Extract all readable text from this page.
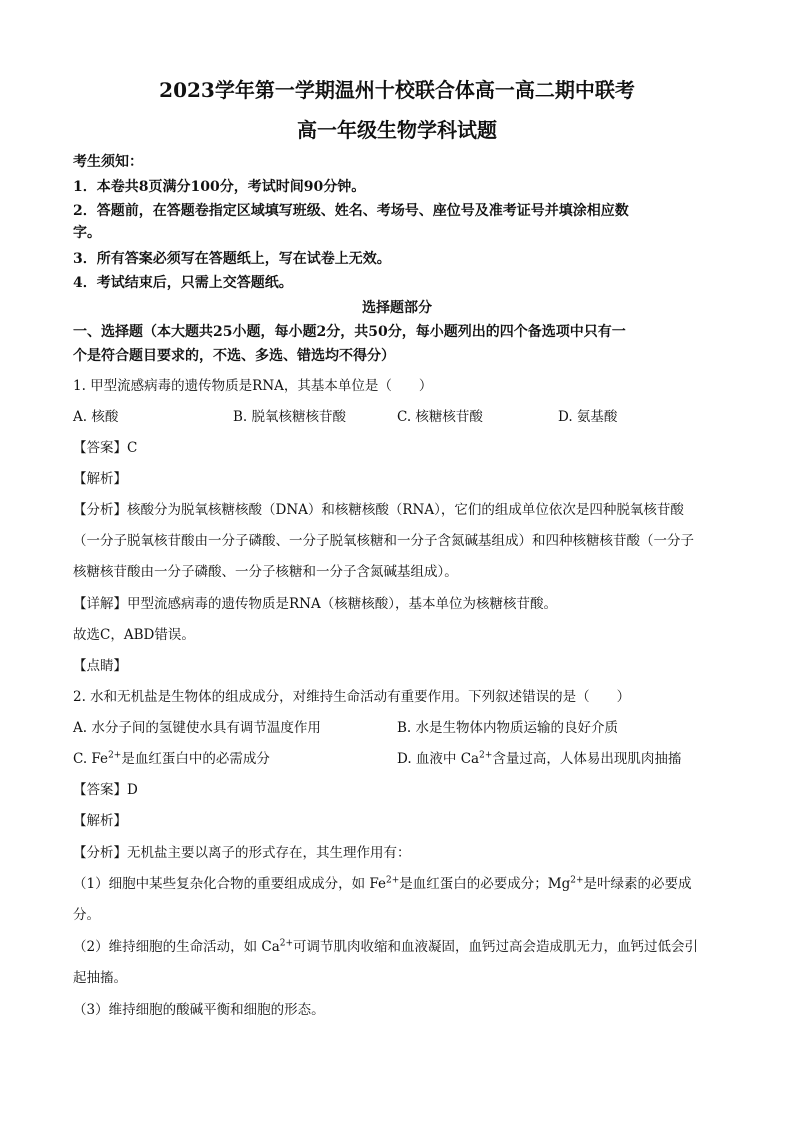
2023学年第一学期温州十校联合体高一高二期中联考
高一年级生物学科试题
考生须知：
1．本卷共8页满分100分，考试时间90分钟。
2．答题前，在答题卷指定区域填写班级、姓名、考场号、座位号及准考证号并填涂相应数
字。
3．所有答案必须写在答题纸上，写在试卷上无效。
4．考试结束后，只需上交答题纸。
选择题部分
一、选择题（本大题共25小题，每小题2分，共50分，每小题列出的四个备选项中只有一
个是符合题目要求的，不选、多选、错选均不得分）
1. 甲型流感病毒的遗传物质是RNA，其基本单位是（　　）
A. 核酸	B. 脱氧核糖核苷酸	C. 核糖核苷酸	D. 氨基酸
【答案】C
【解析】
【分析】核酸分为脱氧核糖核酸（DNA）和核糖核酸（RNA），它们的组成单位依次是四种脱氧核苷酸
（一分子脱氧核苷酸由一分子磷酸、一分子脱氧核糖和一分子含氮碱基组成）和四种核糖核苷酸（一分子
核糖核苷酸由一分子磷酸、一分子核糖和一分子含氮碱基组成）。
【详解】甲型流感病毒的遗传物质是RNA（核糖核酸），基本单位为核糖核苷酸。
故选C，ABD错误。
【点睛】
2. 水和无机盐是生物体的组成成分，对维持生命活动有重要作用。下列叙述错误的是（　　）
A. 水分子间的氢键使水具有调节温度作用	B. 水是生物体内物质运输的良好介质
C. $Fe^{2+}$是血红蛋白中的必需成分	D. 血液中 $Ca^{2+}$含量过高，人体易出现肌肉抽搐
【答案】D
【解析】
【分析】无机盐主要以离子的形式存在，其生理作用有：
（1）细胞中某些复杂化合物的重要组成成分，如 $Fe^{2+}$是血红蛋白的必要成分；$Mg^{2+}$是叶绿素的必要成
分。
（2）维持细胞的生命活动，如 $Ca^{2+}$可调节肌肉收缩和血液凝固，血钙过高会造成肌无力，血钙过低会引
起抽搐。
（3）维持细胞的酸碱平衡和细胞的形态。
